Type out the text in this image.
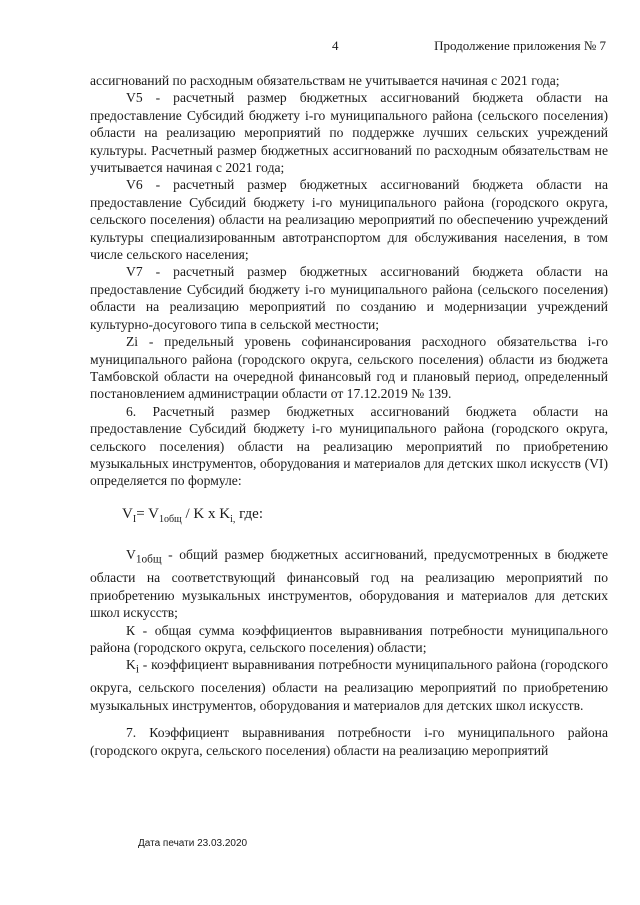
4	Продолжение приложения № 7

ассигнований по расходным обязательствам не учитывается начиная с 2021 года;

V5 - расчетный размер бюджетных ассигнований бюджета области на предоставление Субсидий бюджету i-го муниципального района (сельского поселения) области на реализацию мероприятий по поддержке лучших сельских учреждений культуры. Расчетный размер бюджетных ассигнований по расходным обязательствам не учитывается начиная с 2021 года;

V6 - расчетный размер бюджетных ассигнований бюджета области на предоставление Субсидий бюджету i-го муниципального района (городского округа, сельского поселения) области на реализацию мероприятий по обеспечению учреждений культуры специализированным автотранспортом для обслуживания населения, в том числе сельского населения;

V7 - расчетный размер бюджетных ассигнований бюджета области на предоставление Субсидий бюджету i-го муниципального района (сельского поселения) области на реализацию мероприятий по созданию и модернизации учреждений культурно-досугового типа в сельской местности;

Zi - предельный уровень софинансирования расходного обязательства i-го муниципального района (городского округа, сельского поселения) области из бюджета Тамбовской области на очередной финансовый год и плановый период, определенный постановлением администрации области от 17.12.2019 № 139.

6. Расчетный размер бюджетных ассигнований бюджета области на предоставление Субсидий бюджету i-го муниципального района (городского округа, сельского поселения) области на реализацию мероприятий по приобретению музыкальных инструментов, оборудования и материалов для детских школ искусств (VI) определяется по формуле:

$V_I= V_{1общ} / K$ x $K_{i,}$ где:

$V_{1общ}$ - общий размер бюджетных ассигнований, предусмотренных в бюджете области на соответствующий финансовый год на реализацию мероприятий по приобретению музыкальных инструментов, оборудования и материалов для детских школ искусств;

К - общая сумма коэффициентов выравнивания потребности муниципального района (городского округа, сельского поселения) области;

$K_i$ - коэффициент выравнивания потребности муниципального района (городского округа, сельского поселения) области на реализацию мероприятий по приобретению музыкальных инструментов, оборудования и материалов для детских школ искусств.

7. Коэффициент выравнивания потребности i-го муниципального района (городского округа, сельского поселения) области на реализацию мероприятий

Дата печати 23.03.2020
